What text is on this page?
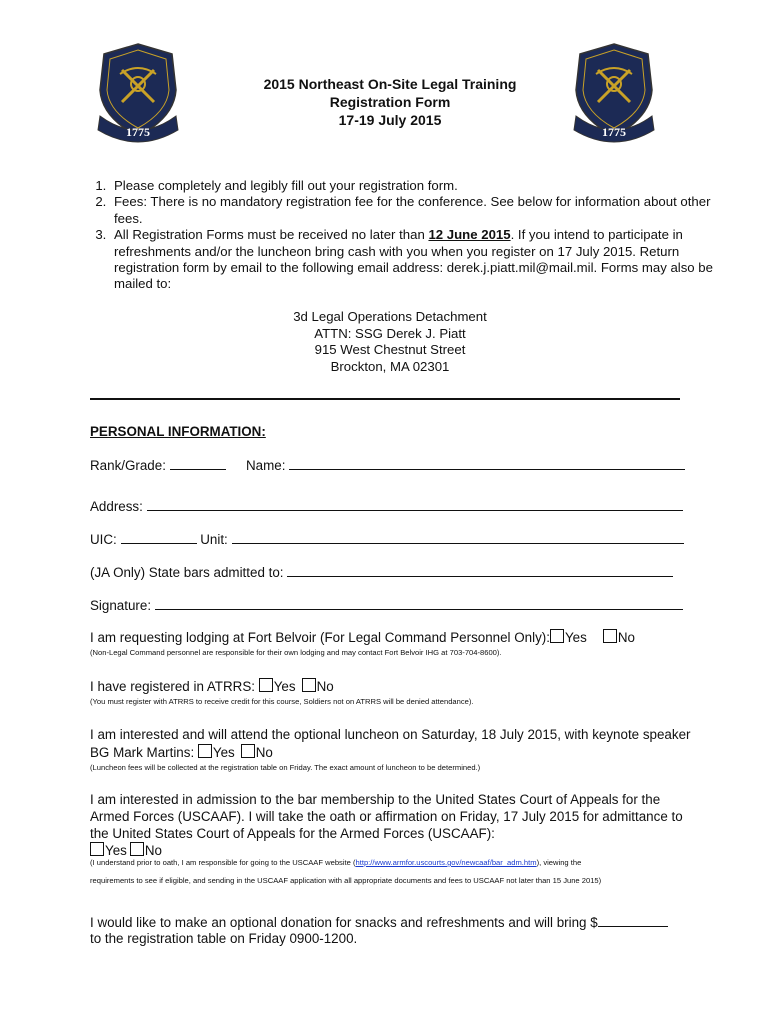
1775	1775
2015 Northeast On-Site Legal Training
Registration Form
17-19 July 2015
1. Please completely and legibly fill out your registration form.
2. Fees: There is no mandatory registration fee for the conference. See below for information about other fees.
3. All Registration Forms must be received no later than 12 June 2015. If you intend to participate in refreshments and/or the luncheon bring cash with you when you register on 17 July 2015. Return registration form by email to the following email address: derek.j.piatt.mil@mail.mil. Forms may also be mailed to:
3d Legal Operations Detachment
ATTN: SSG Derek J. Piatt
915 West Chestnut Street
Brockton, MA 02301
PERSONAL INFORMATION:
Rank/Grade:	Name:
Address:
UIC:	Unit:
(JA Only) State bars admitted to:
Signature:
I am requesting lodging at Fort Belvoir (For Legal Command Personnel Only): Yes No
(Non-Legal Command personnel are responsible for their own lodging and may contact Fort Belvoir IHG at 703-704-8600).
I have registered in ATRRS: Yes No
(You must register with ATRRS to receive credit for this course, Soldiers not on ATRRS will be denied attendance).
I am interested and will attend the optional luncheon on Saturday, 18 July 2015, with keynote speaker BG Mark Martins: Yes No
(Luncheon fees will be collected at the registration table on Friday. The exact amount of luncheon to be determined.)
I am interested in admission to the bar membership to the United States Court of Appeals for the Armed Forces (USCAAF). I will take the oath or affirmation on Friday, 17 July 2015 for admittance to the United States Court of Appeals for the Armed Forces (USCAAF):
Yes No
(I understand prior to oath, I am responsible for going to the USCAAF website (http://www.armfor.uscourts.gov/newcaaf/bar_adm.htm), viewing the
requirements to see if eligible, and sending in the USCAAF application with all appropriate documents and fees to USCAAF not later than 15 June 2015)
I would like to make an optional donation for snacks and refreshments and will bring $
to the registration table on Friday 0900-1200.
